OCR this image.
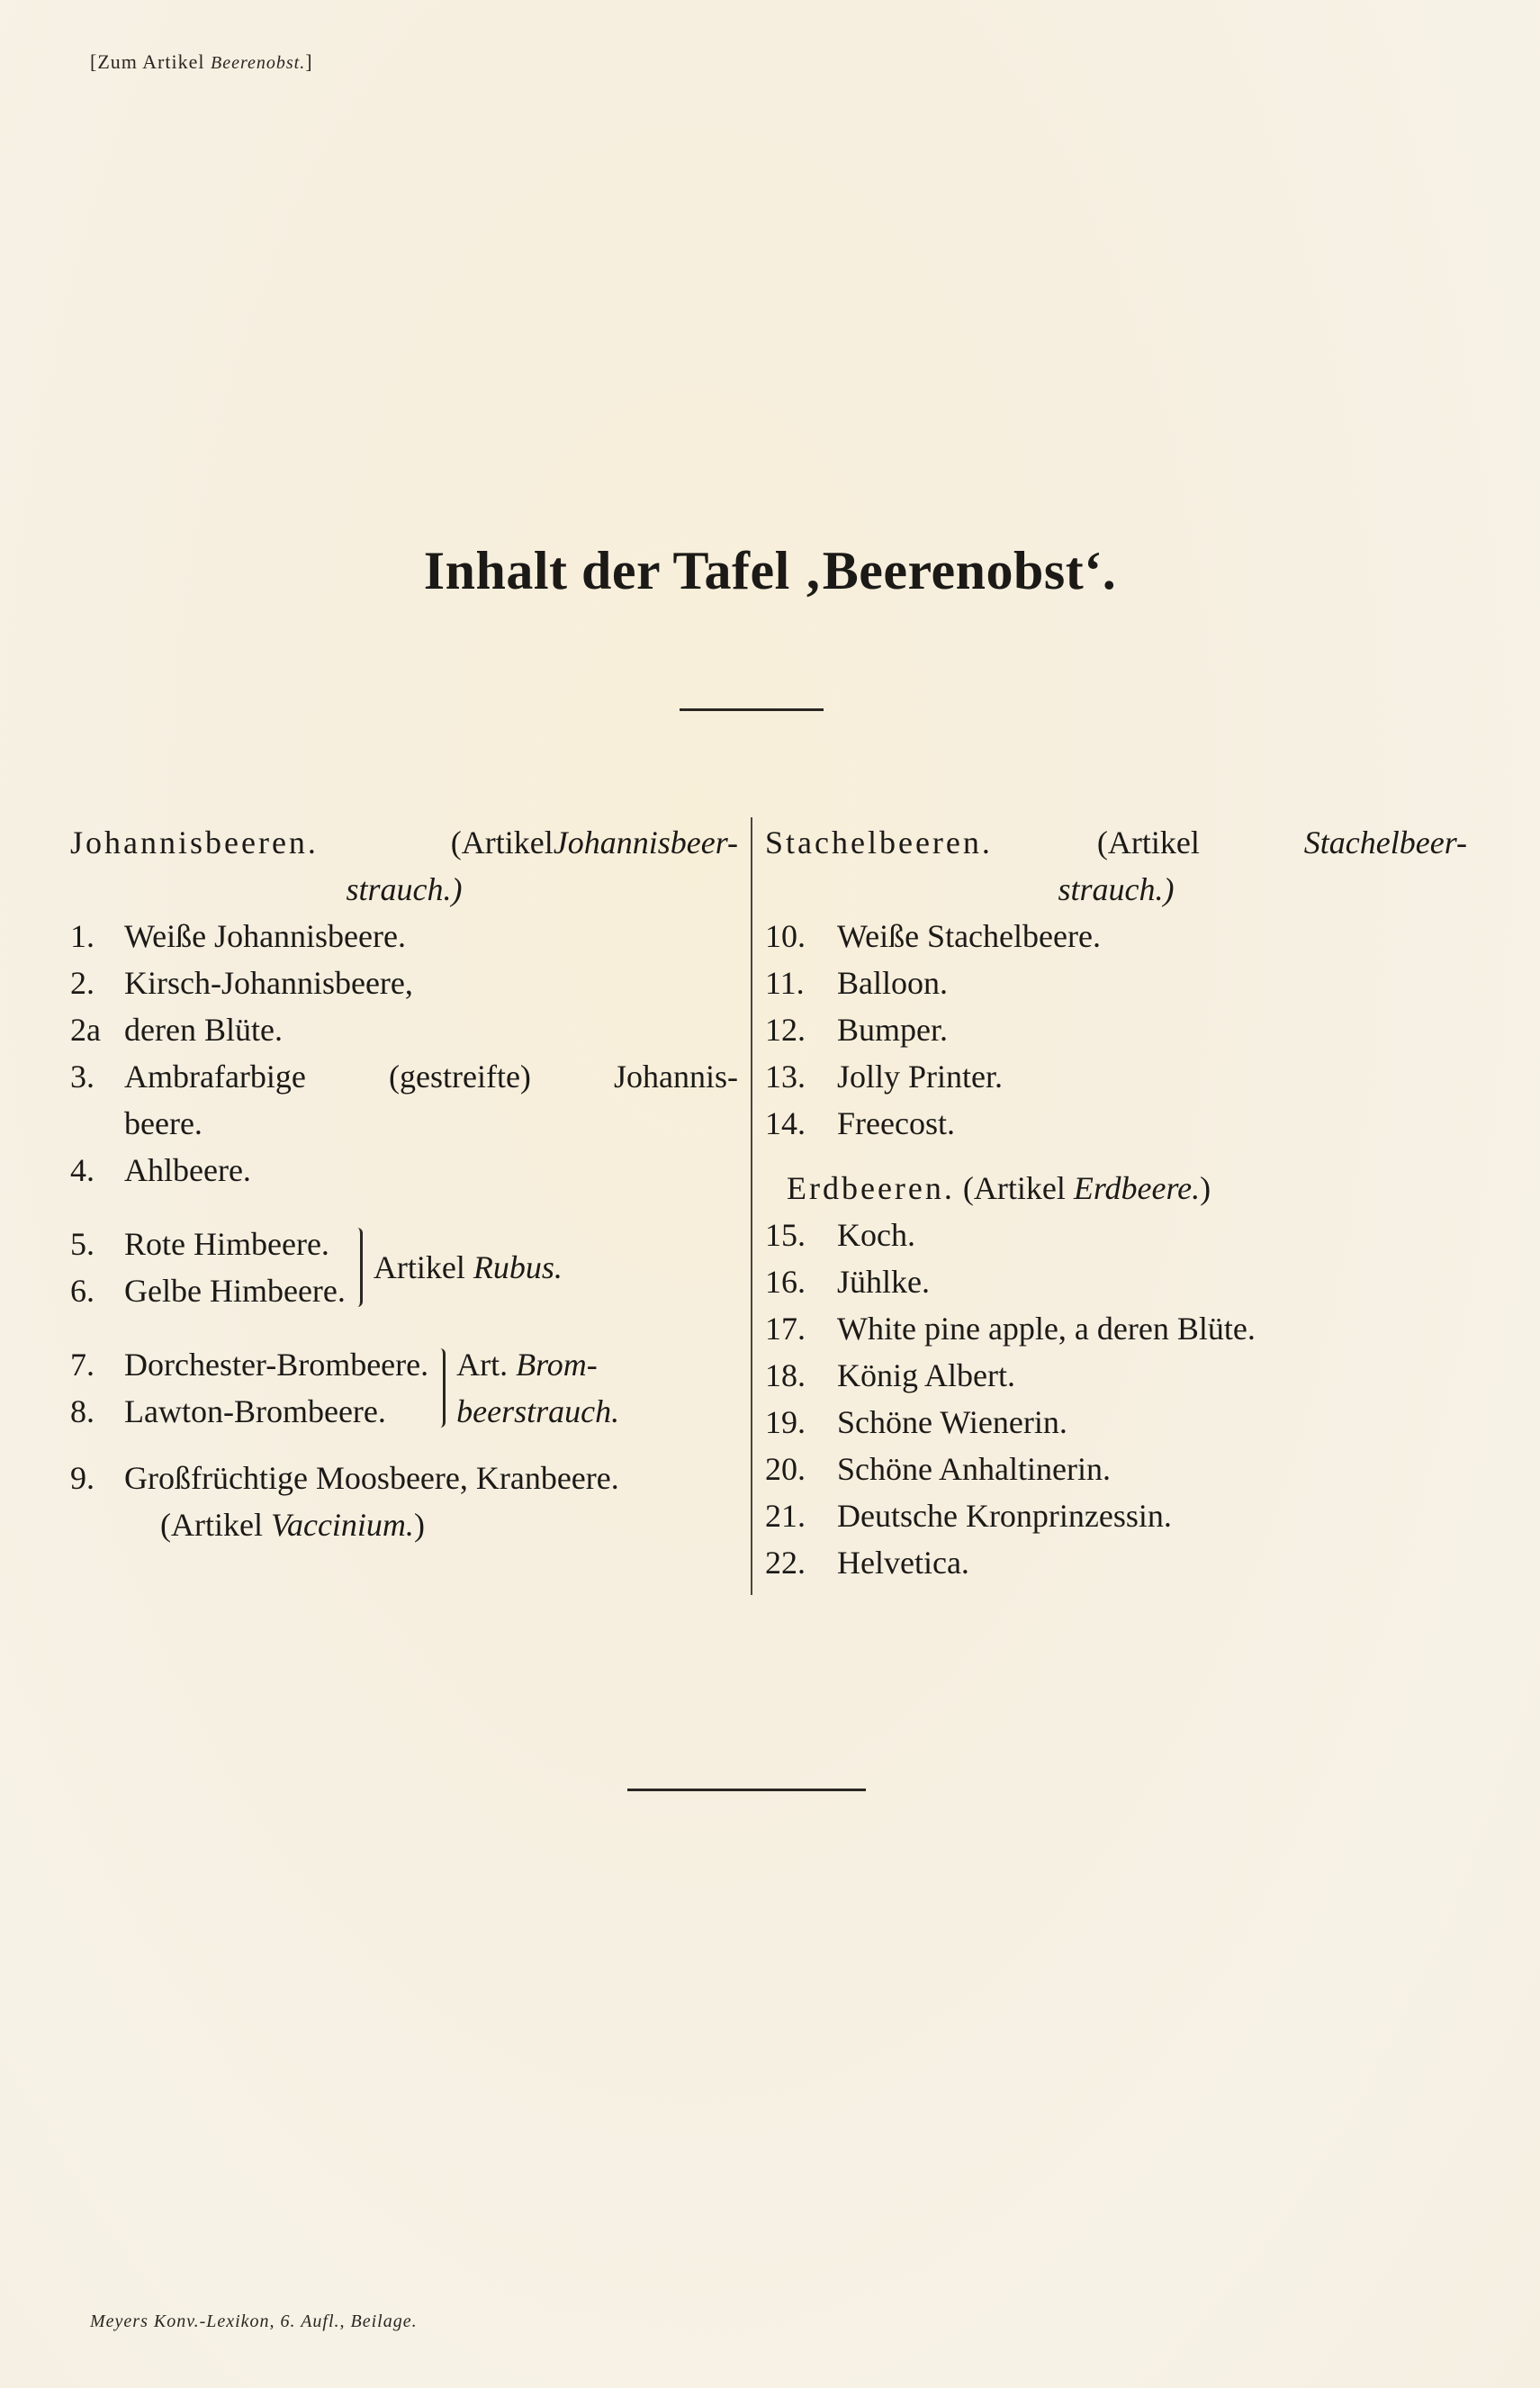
[Zum Artikel Beerenobst.]
Inhalt der Tafel ‚Beerenobst‘.

Johannisbeeren.	(ArtikelJohannisbeer-

strauch.)

1. Weiße Johannisbeere.
2. Kirsch-Johannisbeere,
2a deren Blüte.
3. Ambrafarbige (gestreifte) Johannis-
beere.
4. Ahlbeere.
5. Rote Himbeere.
6. Gelbe Himbeere.
Artikel Rubus.
7. Dorchester-Brombeere.
8. Lawton-Brombeere.
Art. Brom-
beerstrauch.
9. Großfrüchtige Moosbeere, Kranbeere.
(Artikel Vaccinium.)

Stachelbeeren.	(Artikel	Stachelbeer-

strauch.)

10. Weiße Stachelbeere.
11.	Balloon.
12. Bumper.
13. Jolly Printer.
14. Freecost.

Erdbeeren. (Artikel Erdbeere.)

15. Koch.
16. Jühlke.
17. White pine apple, a deren Blüte.
18. König Albert.
19. Schöne Wienerin.
20. Schöne Anhaltinerin.
21. Deutsche Kronprinzessin.
22. Helvetica.
Meyers Konv.-Lexikon, 6. Aufl., Beilage.
